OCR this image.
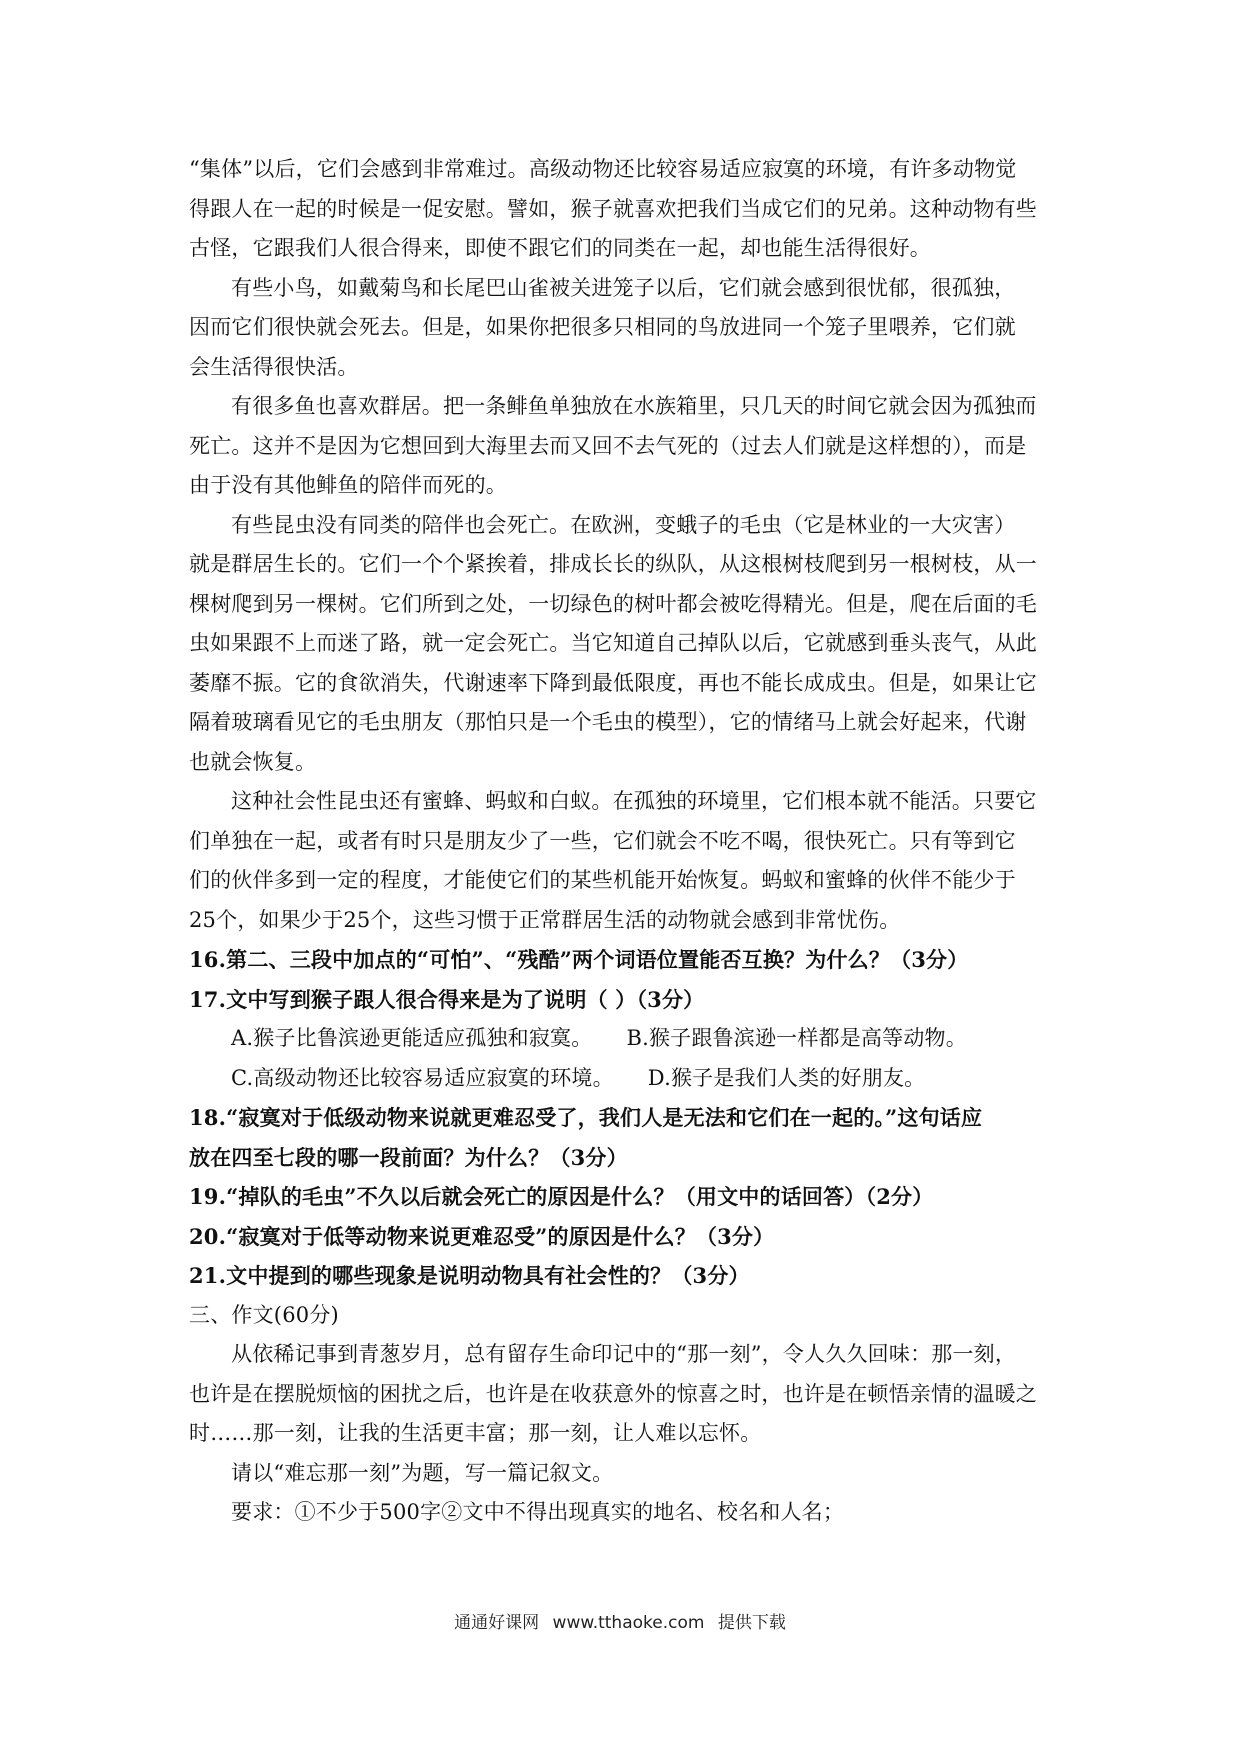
“集体”以后，它们会感到非常难过。高级动物还比较容易适应寂寞的环境，有许多动物觉
得跟人在一起的时候是一促安慰。譬如，猴子就喜欢把我们当成它们的兄弟。这种动物有些
古怪，它跟我们人很合得来，即使不跟它们的同类在一起，却也能生活得很好。
有些小鸟，如戴菊鸟和长尾巴山雀被关进笼子以后，它们就会感到很忧郁，很孤独，
因而它们很快就会死去。但是，如果你把很多只相同的鸟放进同一个笼子里喂养，它们就
会生活得很快活。
有很多鱼也喜欢群居。把一条鲱鱼单独放在水族箱里，只几天的时间它就会因为孤独而
死亡。这并不是因为它想回到大海里去而又回不去气死的（过去人们就是这样想的），而是
由于没有其他鲱鱼的陪伴而死的。
有些昆虫没有同类的陪伴也会死亡。在欧洲，变蛾子的毛虫（它是林业的一大灾害）
就是群居生长的。它们一个个紧挨着，排成长长的纵队，从这根树枝爬到另一根树枝，从一
棵树爬到另一棵树。它们所到之处，一切绿色的树叶都会被吃得精光。但是，爬在后面的毛
虫如果跟不上而迷了路，就一定会死亡。当它知道自己掉队以后，它就感到垂头丧气，从此
萎靡不振。它的食欲消失，代谢速率下降到最低限度，再也不能长成成虫。但是，如果让它
隔着玻璃看见它的毛虫朋友（那怕只是一个毛虫的模型），它的情绪马上就会好起来，代谢
也就会恢复。
这种社会性昆虫还有蜜蜂、蚂蚁和白蚁。在孤独的环境里，它们根本就不能活。只要它
们单独在一起，或者有时只是朋友少了一些，它们就会不吃不喝，很快死亡。只有等到它
们的伙伴多到一定的程度，才能使它们的某些机能开始恢复。蚂蚁和蜜蜂的伙伴不能少于
25个，如果少于25个，这些习惯于正常群居生活的动物就会感到非常忧伤。
16.第二、三段中加点的“可怕”、“残酷”两个词语位置能否互换？为什么？（3分）
17.文中写到猴子跟人很合得来是为了说明（ ）（3分）
A.猴子比鲁滨逊更能适应孤独和寂寞。 B.猴子跟鲁滨逊一样都是高等动物。
C.高级动物还比较容易适应寂寞的环境。 D.猴子是我们人类的好朋友。
18.“寂寞对于低级动物来说就更难忍受了，我们人是无法和它们在一起的。”这句话应
放在四至七段的哪一段前面？为什么？（3分）
19.“掉队的毛虫”不久以后就会死亡的原因是什么？（用文中的话回答）（2分）
20.“寂寞对于低等动物来说更难忍受”的原因是什么？（3分）
21.文中提到的哪些现象是说明动物具有社会性的？（3分）
三、作文(60分)
从依稀记事到青葱岁月，总有留存生命印记中的“那一刻”，令人久久回味：那一刻，
也许是在摆脱烦恼的困扰之后，也许是在收获意外的惊喜之时，也许是在顿悟亲情的温暖之
时……那一刻，让我的生活更丰富；那一刻，让人难以忘怀。
请以“难忘那一刻”为题，写一篇记叙文。
要求：①不少于500字②文中不得出现真实的地名、校名和人名；
通通好课网 www.tthaoke.com 提供下载
